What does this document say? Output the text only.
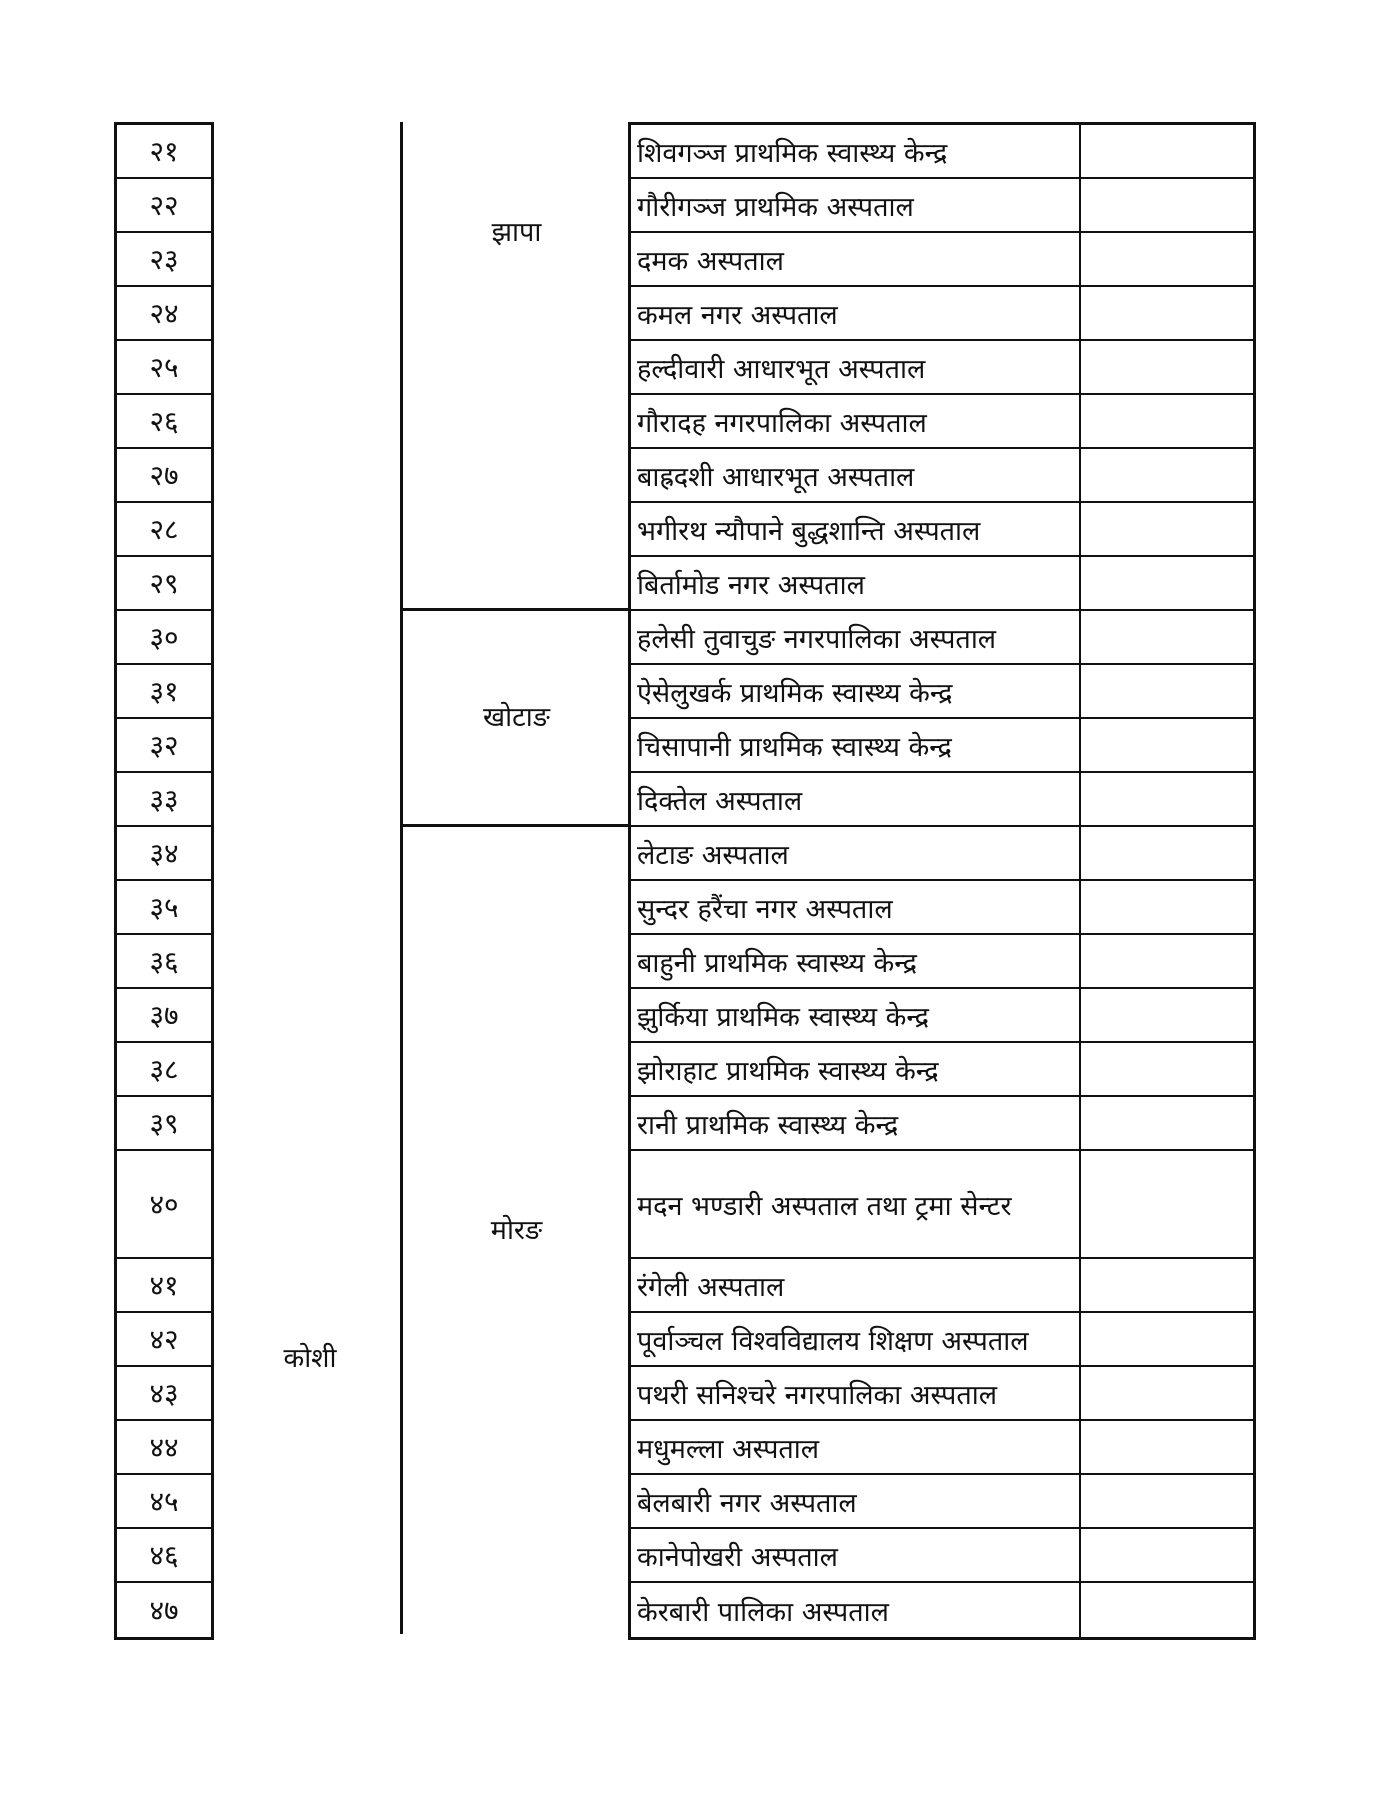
२१
२२
२३
२४
२५
२६
२७
२८
२९
३०
३१
३२
३३
३४
३५
३६
३७
३८
३९
४०
४१
४२
४३
४४
४५
४६
४७
कोशी
झापा
खोटाङ
मोरङ
शिवगञ्ज प्राथमिक स्वास्थ्य केन्द्र
गौरीगञ्ज प्राथमिक अस्पताल
दमक अस्पताल
कमल नगर अस्पताल
हल्दीवारी आधारभूत अस्पताल
गौरादह नगरपालिका अस्पताल
बाह्रदशी आधारभूत अस्पताल
भगीरथ न्यौपाने बुद्धशान्ति अस्पताल
बिर्तामोड नगर अस्पताल
हलेसी तुवाचुङ नगरपालिका अस्पताल
ऐसेलुखर्क प्राथमिक स्वास्थ्य केन्द्र
चिसापानी प्राथमिक स्वास्थ्य केन्द्र
दिक्तेल अस्पताल
लेटाङ अस्पताल
सुन्दर हरैंचा नगर अस्पताल
बाहुनी प्राथमिक स्वास्थ्य केन्द्र
झुर्किया प्राथमिक स्वास्थ्य केन्द्र
झोराहाट प्राथमिक स्वास्थ्य केन्द्र
रानी प्राथमिक स्वास्थ्य केन्द्र
मदन भण्डारी अस्पताल तथा ट्रमा सेन्टर
रंगेली अस्पताल
पूर्वाञ्चल विश्वविद्यालय शिक्षण अस्पताल
पथरी सनिश्चरे नगरपालिका अस्पताल
मधुमल्ला अस्पताल
बेलबारी नगर अस्पताल
कानेपोखरी अस्पताल
केरबारी पालिका अस्पताल
